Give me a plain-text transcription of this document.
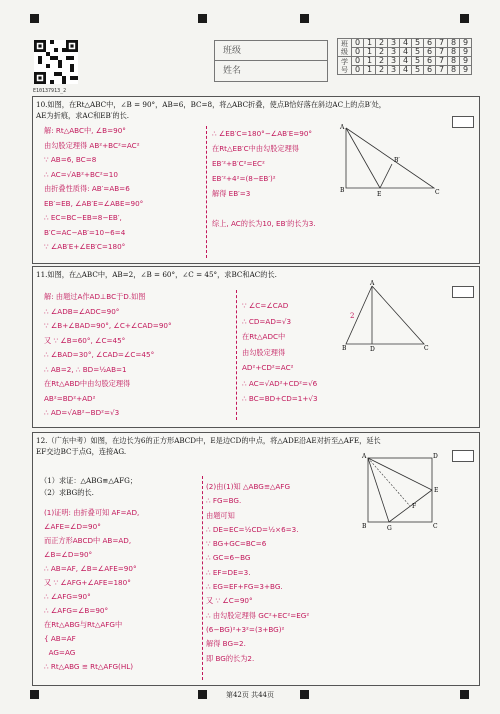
E10137913_2
班级
姓名
班级	0	1	2	3	4	5	6	7	8	9
	0	1	2	3	4	5	6	7	8	9
学号	0	1	2	3	4	5	6	7	8	9
	0	1	2	3	4	5	6	7	8	9
10.如图，在Rt△ABC中，∠B = 90°，AB=6，BC=8，将△ABC折叠，使点B恰好落在斜边AC上的点B′处，
AE为折痕，求AC和EB′的长.
解: Rt△ABC中, ∠B=90°
由勾股定理得 AB²+BC²=AC²
∵ AB=6, BC=8
∴ AC=√AB²+BC²=10
由折叠性质得: AB′=AB=6
EB′=EB, ∠AB′E=∠ABE=90°
∴ EC=BC−EB=8−EB′,
B′C=AC−AB′=10−6=4
∵ ∠AB′E+∠EB′C=180°
∴ ∠EB′C=180°−∠AB′E=90°
在Rt△EB′C中由勾股定理得
EB′²+B′C²=EC²
EB′²+4²=(8−EB′)²
解得 EB′=3

综上, AC的长为10, EB′的长为3.
A
B
B′
E	C
11.如图，在△ABC中，AB=2，∠B = 60°，∠C = 45°，求BC和AC的长.
解: 由题过A作AD⊥BC于D.如图
∴ ∠ADB=∠ADC=90°
∵ ∠B+∠BAD=90°, ∠C+∠CAD=90°
又 ∵ ∠B=60°, ∠C=45°
∴ ∠BAD=30°, ∠CAD=∠C=45°
∴ AB=2, ∴ BD=½AB=1
在Rt△ABD中由勾股定理得
AB²=BD²+AD²
∴ AD=√AB²−BD²=√3
∵ ∠C=∠CAD
∴ CD=AD=√3
在Rt△ADC中
由勾股定理得
AD²+CD²=AC²
∴ AC=√AD²+CD²=√6
∴ BC=BD+CD=1+√3
A
B	D	C
2
12.（广东中考）如图，在边长为6的正方形ABCD中，E是边CD的中点，将△ADE沿AE对折至△AFE，延长
EF交边BC于点G，连接AG.
（1）求证：△ABG≌△AFG；
（2）求BG的长.
(1)证明: 由折叠可知 AF=AD,
∠AFE=∠D=90°
而正方形ABCD中 AB=AD,
∠B=∠D=90°
∴ AB=AF, ∠B=∠AFE=90°
又 ∵ ∠AFG+∠AFE=180°
∴ ∠AFG=90°
∴ ∠AFG=∠B=90°
在Rt△ABG与Rt△AFG中
{ AB=AF
AG=AG
∴ Rt△ABG ≌ Rt△AFG(HL)
(2)由(1)知 △ABG≌△AFG
∴ FG=BG.
由题可知
∴ DE=EC=½CD=½×6=3.
∵ BG+GC=BC=6
∴ GC=6−BG
∴ EF=DE=3.
∴ EG=EF+FG=3+BG.
又 ∵ ∠C=90°
∴ 由勾股定理得 GC²+EC²=EG²
(6−BG)²+3²=(3+BG)²
解得 BG=2.
即 BG的长为2.
A	D
B	G	C
E
F
第42页 共44页
